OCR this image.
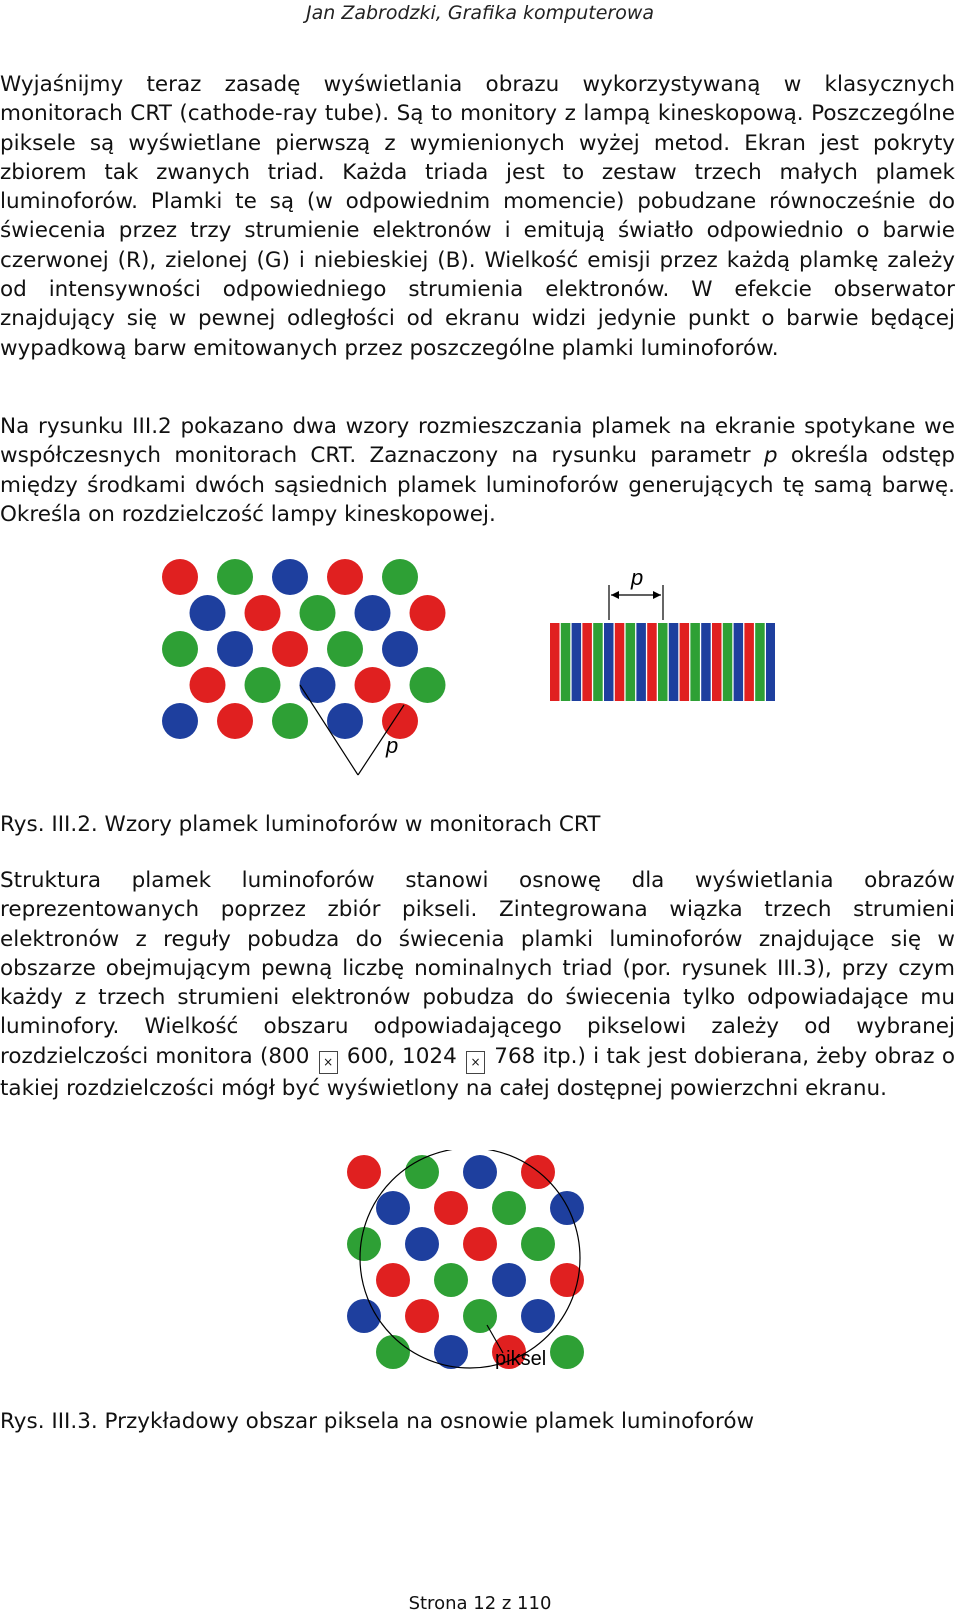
Jan Zabrodzki, Grafika komputerowa

Wyjaśnijmy teraz zasadę wyświetlania obrazu wykorzystywaną w klasycznych monitorach CRT (cathode-ray tube). Są to monitory z lampą kineskopową. Poszczególne piksele są wyświetlane pierwszą z wymienionych wyżej metod. Ekran jest pokryty zbiorem tak zwanych triad. Każda triada jest to zestaw trzech małych plamek luminoforów. Plamki te są (w odpowiednim momencie) pobudzane równocześnie do świecenia przez trzy strumienie elektronów i emitują światło odpowiednio o barwie czerwonej (R), zielonej (G) i niebieskiej (B). Wielkość emisji przez każdą plamkę zależy od intensywności odpowiedniego strumienia elektronów. W efekcie obserwator znajdujący się w pewnej odległości od ekranu widzi jedynie punkt o barwie będącej wypadkową barw emitowanych przez poszczególne plamki luminoforów.

Na rysunku III.2 pokazano dwa wzory rozmieszczania plamek na ekranie spotykane we współczesnych monitorach CRT. Zaznaczony na rysunku parametr p określa odstęp między środkami dwóch sąsiednich plamek luminoforów generujących tę samą barwę. Określa on rozdzielczość lampy kineskopowej.

p
p
Rys. III.2. Wzory plamek luminoforów w monitorach CRT

Struktura plamek luminoforów stanowi osnowę dla wyświetlania obrazów reprezentowanych poprzez zbiór pikseli. Zintegrowana wiązka trzech strumieni elektronów z reguły pobudza do świecenia plamki luminoforów znajdujące się w obszarze obejmującym pewną liczbę nominalnych triad (por. rysunek III.3), przy czym każdy z trzech strumieni elektronów pobudza do świecenia tylko odpowiadające mu luminofory. Wielkość obszaru odpowiadającego pikselowi zależy od wybranej rozdzielczości monitora (800 × 600, 1024 × 768 itp.) i tak jest dobierana, żeby obraz o takiej rozdzielczości mógł być wyświetlony na całej dostępnej powierzchni ekranu.

piksel
Rys. III.3. Przykładowy obszar piksela na osnowie plamek luminoforów
Strona 12 z 110
